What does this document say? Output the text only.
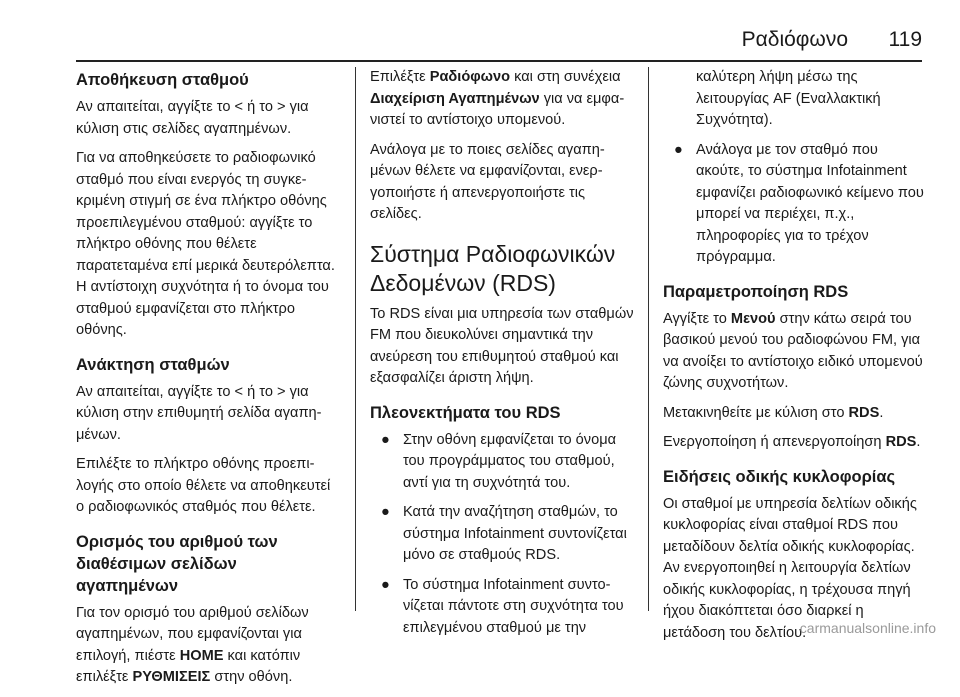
Ραδιόφωνο 119
Αποθήκευση σταθμού

Αν απαιτείται, αγγίξτε το < ή το > για κύλιση στις σελίδες αγαπημένων.

Για να αποθηκεύσετε το ραδιοφωνικό σταθμό που είναι ενεργός τη συγκεκριμένη στιγμή σε ένα πλήκτρο οθόνης προεπιλεγμένου σταθμού: αγγίξτε το πλήκτρο οθόνης που θέλετε παρατεταμένα επί μερικά δευτερόλεπτα. Η αντίστοιχη συχνότητα ή το όνομα του σταθμού εμφανίζεται στο πλήκτρο οθόνης.

Ανάκτηση σταθμών

Αν απαιτείται, αγγίξτε το < ή το > για κύλιση στην επιθυμητή σελίδα αγαπημένων.

Επιλέξτε το πλήκτρο οθόνης προεπιλογής στο οποίο θέλετε να αποθηκευτεί ο ραδιοφωνικός σταθμός που θέλετε.

Ορισμός του αριθμού των διαθέσιμων σελίδων αγαπημένων

Για τον ορισμό του αριθμού σελίδων αγαπημένων, που εμφανίζονται για επιλογή, πιέστε HOME και κατόπιν επιλέξτε ΡΥΘΜΙΣΕΙΣ στην οθόνη.

Επιλέξτε Ραδιόφωνο και στη συνέχεια Διαχείριση Αγαπημένων για να εμφανιστεί το αντίστοιχο υπομενού.

Ανάλογα με το ποιες σελίδες αγαπημένων θέλετε να εμφανίζονται, ενεργοποιήστε ή απενεργοποιήστε τις σελίδες.

Σύστημα Ραδιοφωνικών Δεδομένων (RDS)

Το RDS είναι μια υπηρεσία των σταθμών FM που διευκολύνει σημαντικά την ανεύρεση του επιθυμητού σταθμού και εξασφαλίζει άριστη λήψη.

Πλεονεκτήματα του RDS
● Στην οθόνη εμφανίζεται το όνομα του προγράμματος του σταθμού, αντί για τη συχνότητά του.
● Κατά την αναζήτηση σταθμών, το σύστημα Infotainment συντονίζεται μόνο σε σταθμούς RDS.
● Το σύστημα Infotainment συντονίζεται πάντοτε στη συχνότητα του επιλεγμένου σταθμού με την
καλύτερη λήψη μέσω της λειτουργίας AF (Εναλλακτική Συχνότητα).
● Ανάλογα με τον σταθμό που ακούτε, το σύστημα Infotainment εμφανίζει ραδιοφωνικό κείμενο που μπορεί να περιέχει, π.χ., πληροφορίες για το τρέχον πρόγραμμα.
Παραμετροποίηση RDS

Αγγίξτε το Μενού στην κάτω σειρά του βασικού μενού του ραδιοφώνου FM, για να ανοίξει το αντίστοιχο ειδικό υπομενού ζώνης συχνοτήτων.

Μετακινηθείτε με κύλιση στο RDS.

Ενεργοποίηση ή απενεργοποίηση RDS.

Ειδήσεις οδικής κυκλοφορίας

Οι σταθμοί με υπηρεσία δελτίων οδικής κυκλοφορίας είναι σταθμοί RDS που μεταδίδουν δελτία οδικής κυκλοφορίας. Αν ενεργοποιηθεί η λειτουργία δελτίων οδικής κυκλοφορίας, η τρέχουσα πηγή ήχου διακόπτεται όσο διαρκεί η μετάδοση του δελτίου.

carmanualsonline.info
